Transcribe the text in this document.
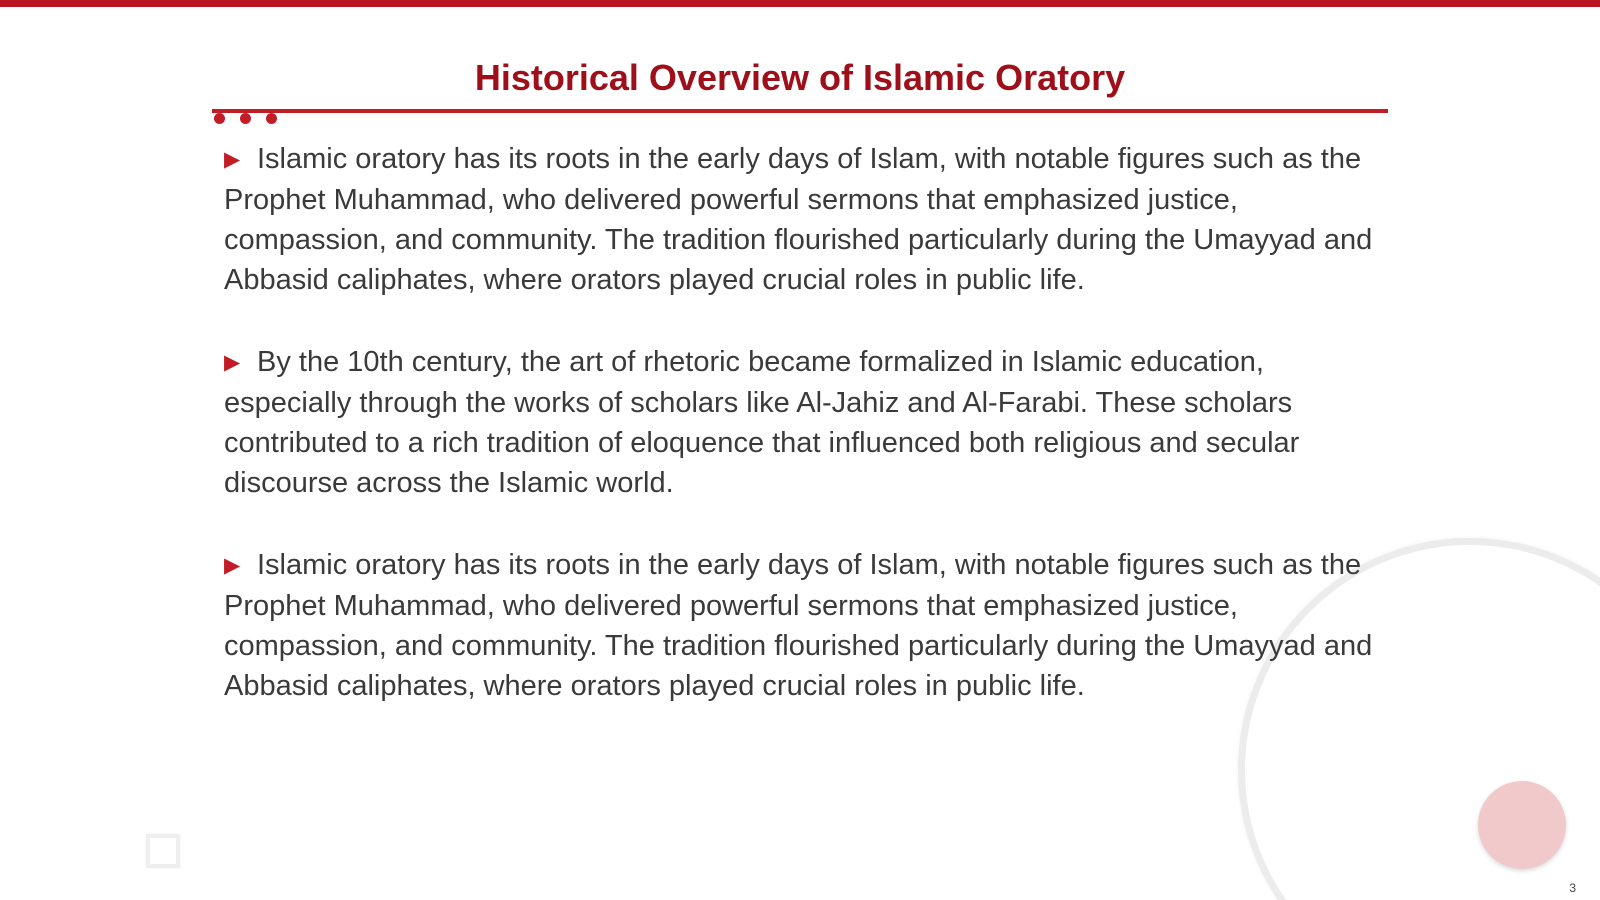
Historical Overview of Islamic Oratory

▶ Islamic oratory has its roots in the early days of Islam, with notable figures such as the Prophet Muhammad, who delivered powerful sermons that emphasized justice, compassion, and community. The tradition flourished particularly during the Umayyad and Abbasid caliphates, where orators played crucial roles in public life.

▶ By the 10th century, the art of rhetoric became formalized in Islamic education, especially through the works of scholars like Al-Jahiz and Al-Farabi. These scholars contributed to a rich tradition of eloquence that influenced both religious and secular discourse across the Islamic world.

▶ Islamic oratory has its roots in the early days of Islam, with notable figures such as the Prophet Muhammad, who delivered powerful sermons that emphasized justice, compassion, and community. The tradition flourished particularly during the Umayyad and Abbasid caliphates, where orators played crucial roles in public life.

3
